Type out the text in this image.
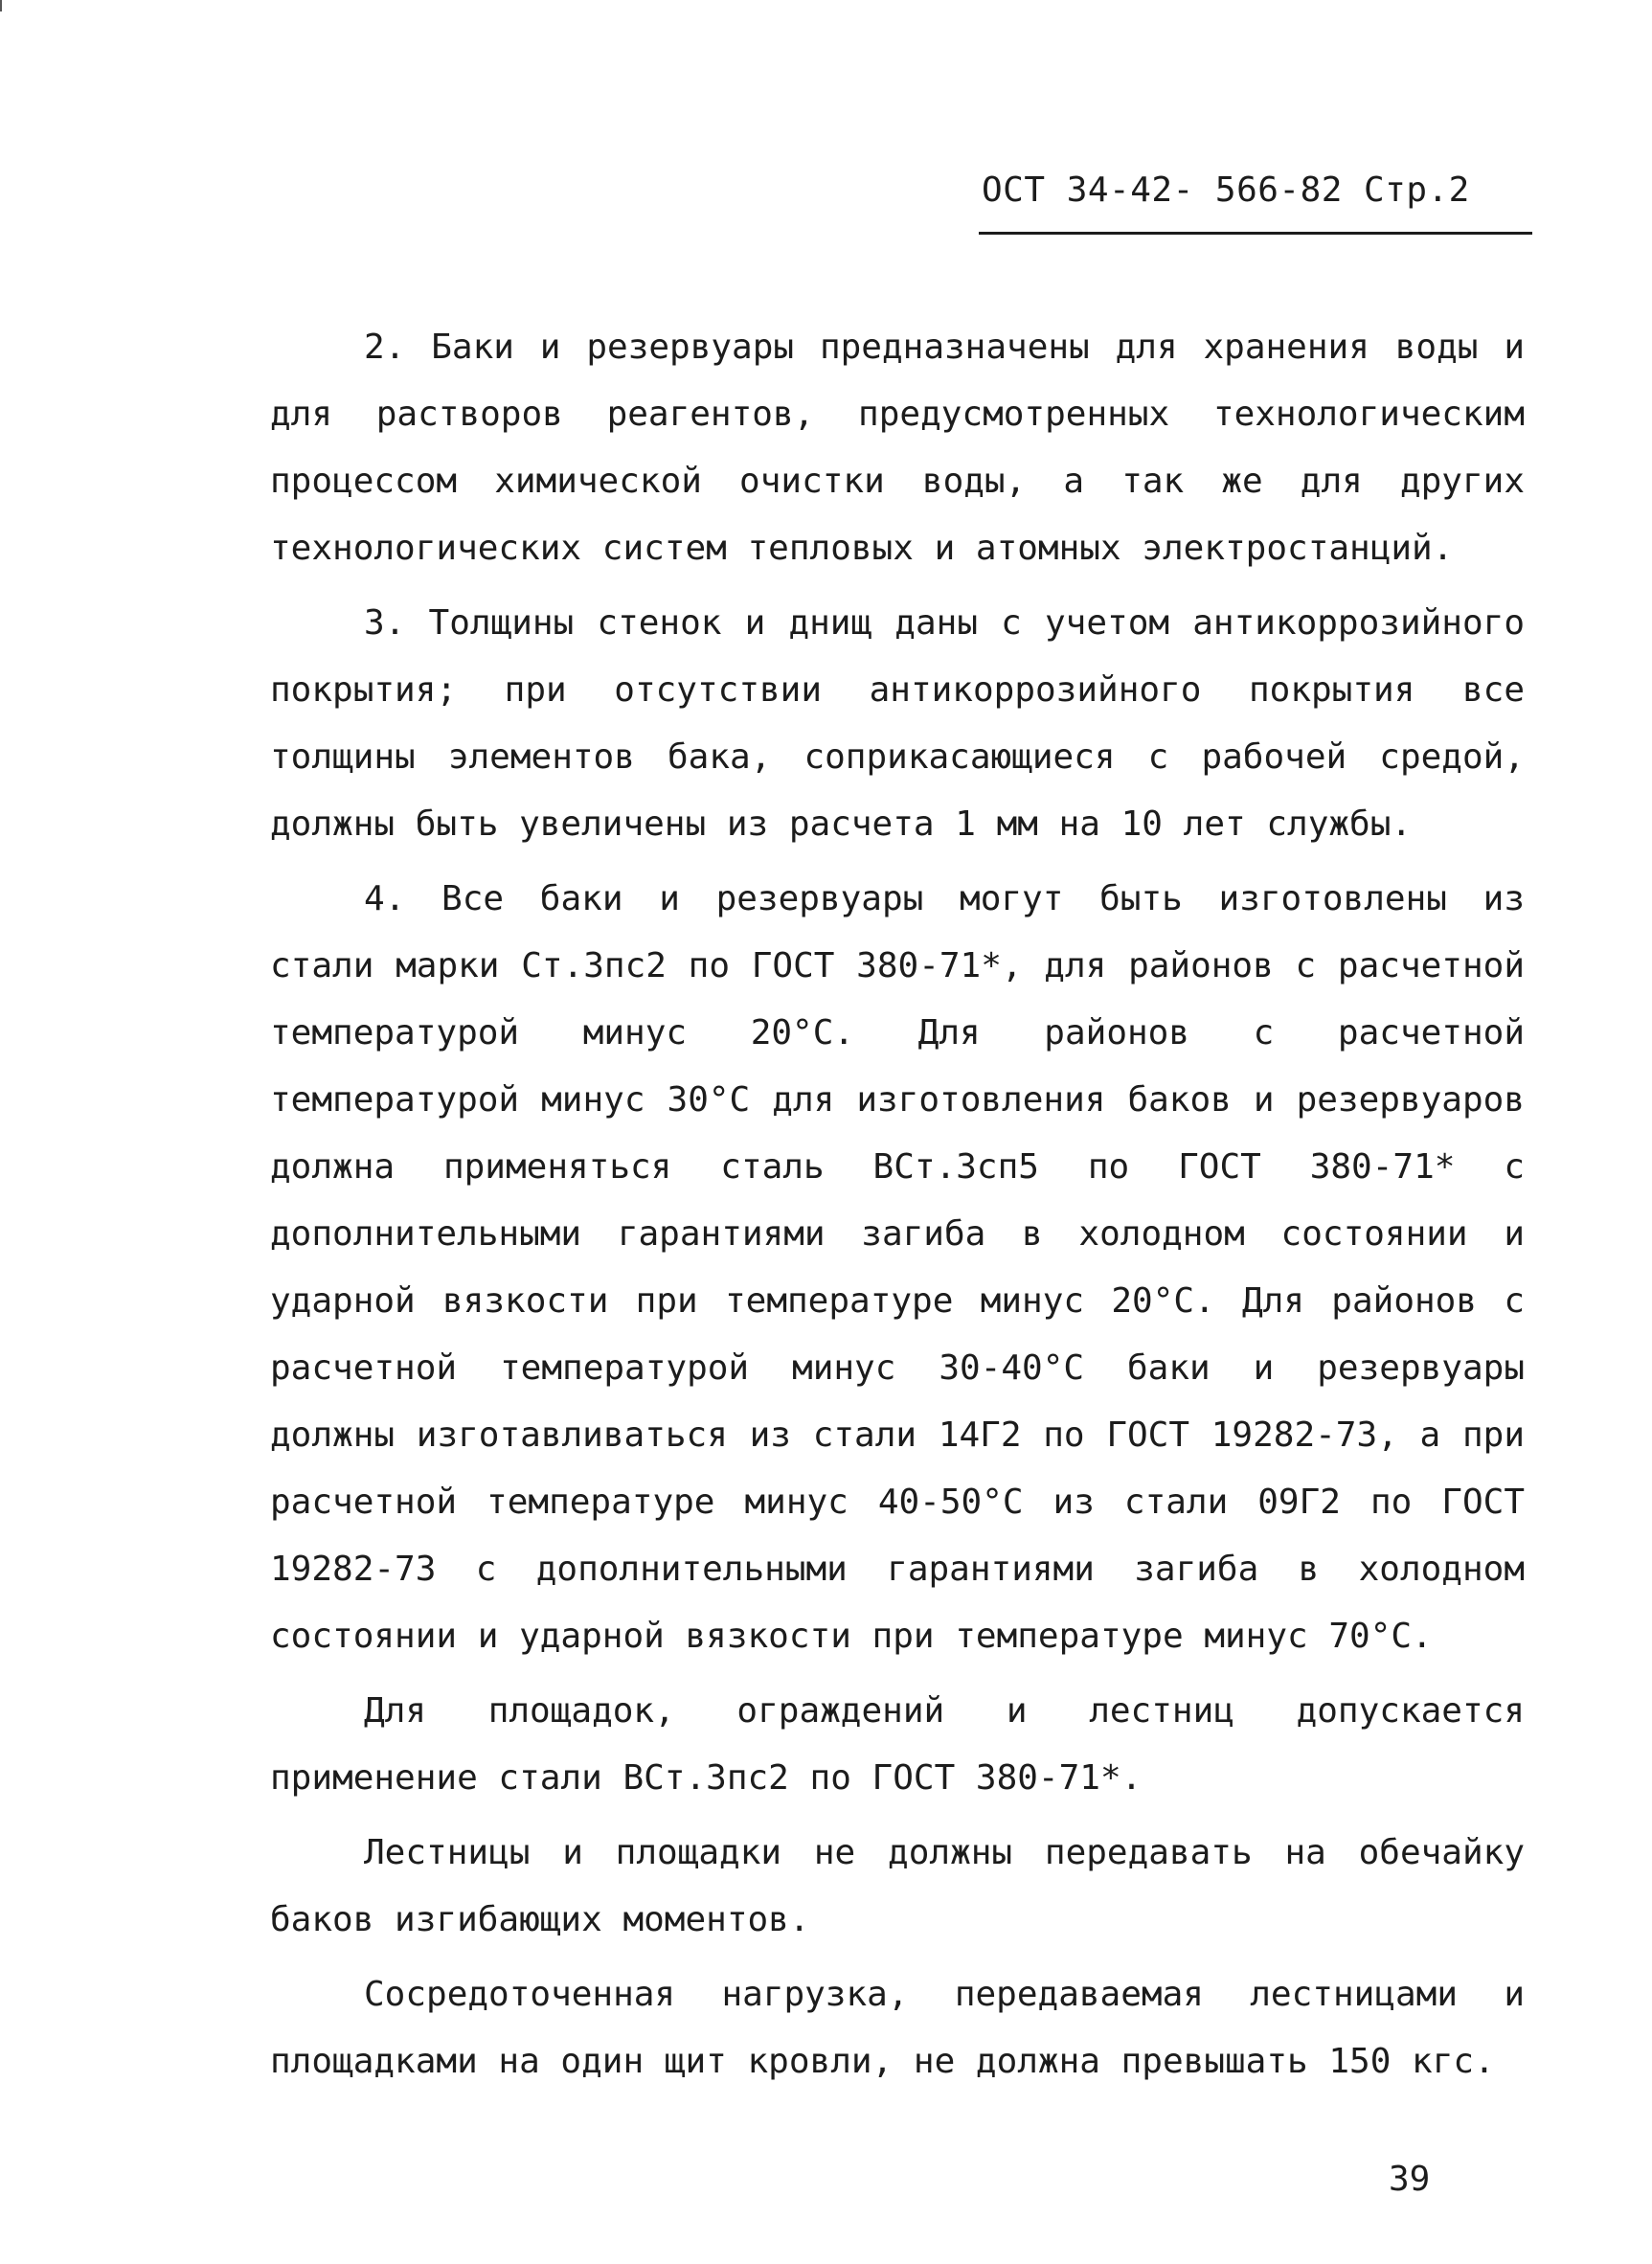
ОСТ 34-42- 566-82 Стр.2

2. Баки и резервуары предназначены для хранения воды и для растворов реагентов, предусмотренных технологическим процессом химической очистки воды, а так же для других технологических систем тепловых и атомных электростанций.

3. Толщины стенок и днищ даны с учетом антикоррозийного покрытия; при отсутствии антикоррозийного покрытия все толщины элементов бака, соприкасающиеся с рабочей средой, должны быть увеличены из расчета 1 мм на 10 лет службы.

4. Все баки и резервуары могут быть изготовлены из стали марки Ст.3пс2 по ГОСТ 380-71*, для районов с расчетной температурой минус 20°С. Для районов с расчетной температурой минус 30°С для изготовления баков и резервуаров должна применяться сталь ВСт.3сп5 по ГОСТ 380-71* с дополнительными гарантиями загиба в холодном состоянии и ударной вязкости при температуре минус 20°С. Для районов с расчетной температурой минус 30-40°С баки и резервуары должны изготавливаться из стали 14Г2 по ГОСТ 19282-73, а при расчетной температуре минус 40-50°С из стали 09Г2 по ГОСТ 19282-73 с дополнительными гарантиями загиба в холодном состоянии и ударной вязкости при температуре минус 70°С.

Для площадок, ограждений и лестниц допускается применение стали ВСт.3пс2 по ГОСТ 380-71*.

Лестницы и площадки не должны передавать на обечайку баков изгибающих моментов.

Сосредоточенная нагрузка, передаваемая лестницами и площадками на один щит кровли, не должна превышать 150 кгс.

39
